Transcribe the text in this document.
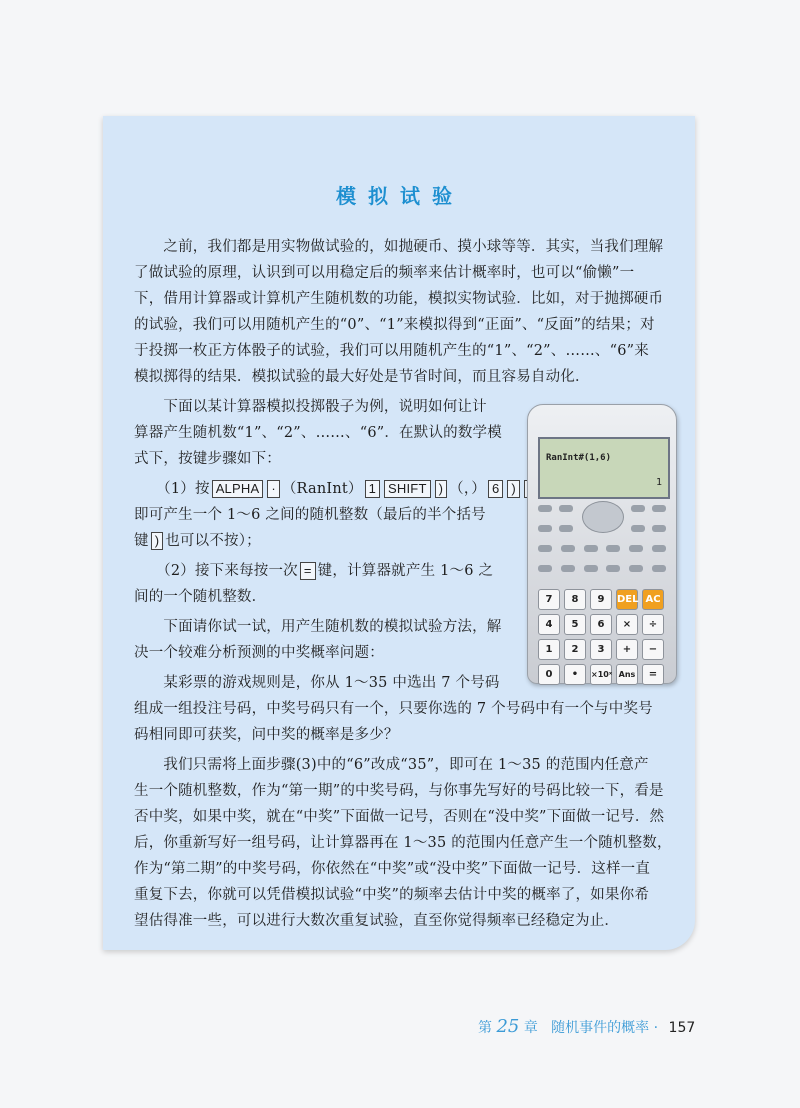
模拟试验
　　之前，我们都是用实物做试验的，如抛硬币、摸小球等等．其实，当我们理解
了做试验的原理，认识到可以用稳定后的频率来估计概率时，也可以“偷懒”一
下，借用计算器或计算机产生随机数的功能，模拟实物试验．比如，对于抛掷硬币
的试验，我们可以用随机产生的“0”、“1”来模拟得到“正面”、“反面”的结果；对
于投掷一枚正方体骰子的试验，我们可以用随机产生的“1”、“2”、……、“6”来
模拟掷得的结果．模拟试验的最大好处是节省时间，而且容易自动化．
　　下面以某计算器模拟投掷骰子为例，说明如何让计
算器产生随机数“1”、“2”、……、“6”．在默认的数学模
式下，按键步骤如下：
　　（1）按 ALPHA · （RanInt） 1 SHIFT ) （，） 6 )
即可产生一个 1～6 之间的随机整数（最后的半个括号
键 ) 也可以不按）；
　　（2）接下来每按一次 = 键，计算器就产生 1～6 之
间的一个随机整数．
　　下面请你试一试，用产生随机数的模拟试验方法，解
决一个较难分析预测的中奖概率问题：
　　某彩票的游戏规则是，你从 1～35 中选出 7 个号码
组成一组投注号码，中奖号码只有一个，只要你选的 7 个号码中有一个与中奖号
码相同即可获奖，问中奖的概率是多少？
　　我们只需将上面步骤(3)中的“6”改成“35”，即可在 1～35 的范围内任意产
生一个随机整数，作为“第一期”的中奖号码，与你事先写好的号码比较一下，看是
否中奖，如果中奖，就在“中奖”下面做一记号，否则在“没中奖”下面做一记号．然
后，你重新写好一组号码，让计算器再在 1～35 的范围内任意产生一个随机整数，
作为“第二期”的中奖号码，你依然在“中奖”或“没中奖”下面做一记号．这样一直
重复下去，你就可以凭借模拟试验“中奖”的频率去估计中奖的概率了，如果你希
望估得准一些，可以进行大数次重复试验，直至你觉得频率已经稳定为止．
RanInt#(1,6)
1
7	8	9	DEL AC
4	5	6	×	÷
1	2	3	+	−
0	•	×10ˣ Ans	=
第 25 章 随机事件的概率 · 157
